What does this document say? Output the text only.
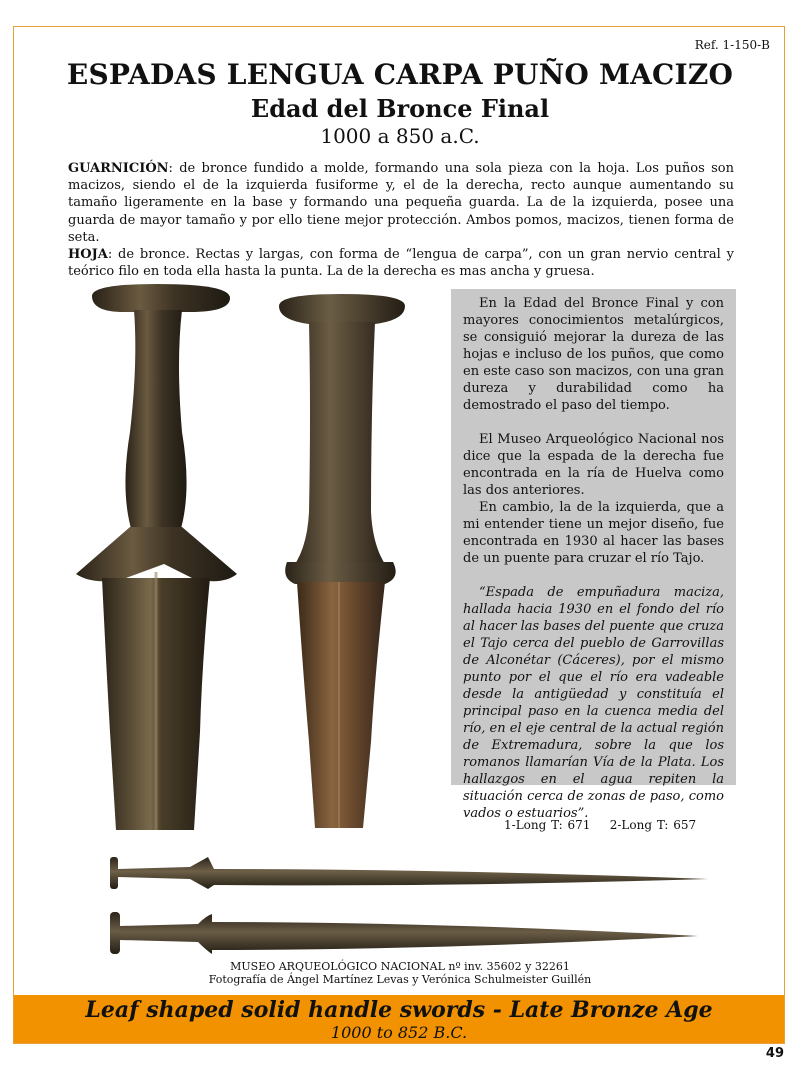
Ref. 1-150-B
ESPADAS LENGUA CARPA PUÑO MACIZO
Edad del Bronce Final
1000 a 850 a.C.
GUARNICIÓN: de bronce fundido a molde, formando una sola pieza con la hoja. Los puños son macizos, siendo el de la izquierda fusiforme y, el de la derecha, recto aunque aumentando su tamaño ligeramente en la base y formando una pequeña guarda. La de la izquierda, posee una guarda de mayor tamaño y por ello tiene mejor protección. Ambos pomos, macizos, tienen forma de seta.
HOJA: de bronce. Rectas y largas, con forma de “lengua de carpa”, con un gran nervio central y teórico filo en toda ella hasta la punta. La de la derecha es mas ancha y gruesa.

En la Edad del Bronce Final y con mayores conocimientos metalúrgicos, se consiguió mejorar la dureza de las hojas e incluso de los puños, que como en este caso son macizos, con una gran dureza y durabilidad como ha demostrado el paso del tiempo.

El Museo Arqueológico Nacional nos dice que la espada de la derecha fue encontrada en la ría de Huelva como las dos anteriores.

En cambio, la de la izquierda, que a mi entender tiene un mejor diseño, fue encontrada en 1930 al hacer las bases de un puente para cruzar el río Tajo.

“Espada de empuñadura maciza, hallada hacia 1930 en el fondo del río al hacer las bases del puente que cruza el Tajo cerca del pueblo de Garrovillas de Alconétar (Cáceres), por el mismo punto por el que el río era vadeable desde la antigüedad y constituía el principal paso en la cuenca media del río, en el eje central de la actual región de Extremadura, sobre la que los romanos llamarían Vía de la Plata. Los hallazgos en el agua repiten la situación cerca de zonas de paso, como vados o estuarios”.

1-Long T: 671 2-Long T: 657
MUSEO ARQUEOLÓGICO NACIONAL nº inv. 35602 y 32261
Fotografía de Ángel Martínez Levas y Verónica Schulmeister Guillén
Leaf shaped solid handle swords - Late Bronze Age
1000 to 852 B.C.
49
